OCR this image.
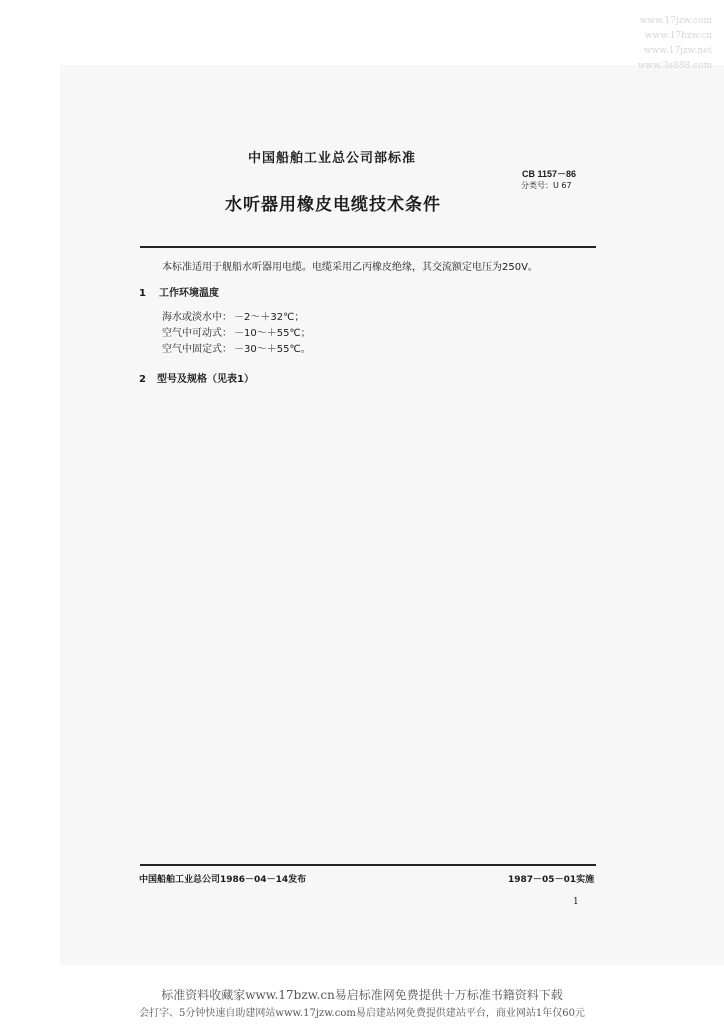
www.17jzw.com
www.17bzw.cn
www.17jzw.net
www.3s888.com
中国船舶工业总公司部标准
CB 1157－86
分类号：U 67
水听器用橡皮电缆技术条件
本标准适用于舰船水听器用电缆。电缆采用乙丙橡皮绝缘，其交流额定电压为250V。
1 工作环境温度
海水或淡水中： －2～＋32℃；
空气中可动式： －10～＋55℃；
空气中固定式： －30～＋55℃。
2 型号及规格（见表1）
中国船舶工业总公司1986－04－14发布	1987－05－01实施
1
标准资料收藏家www.17bzw.cn易启标准网免费提供十万标准书籍资料下载
会打字、5分钟快速自助建网站www.17jzw.com易启建站网免费提供建站平台，商业网站1年仅60元
